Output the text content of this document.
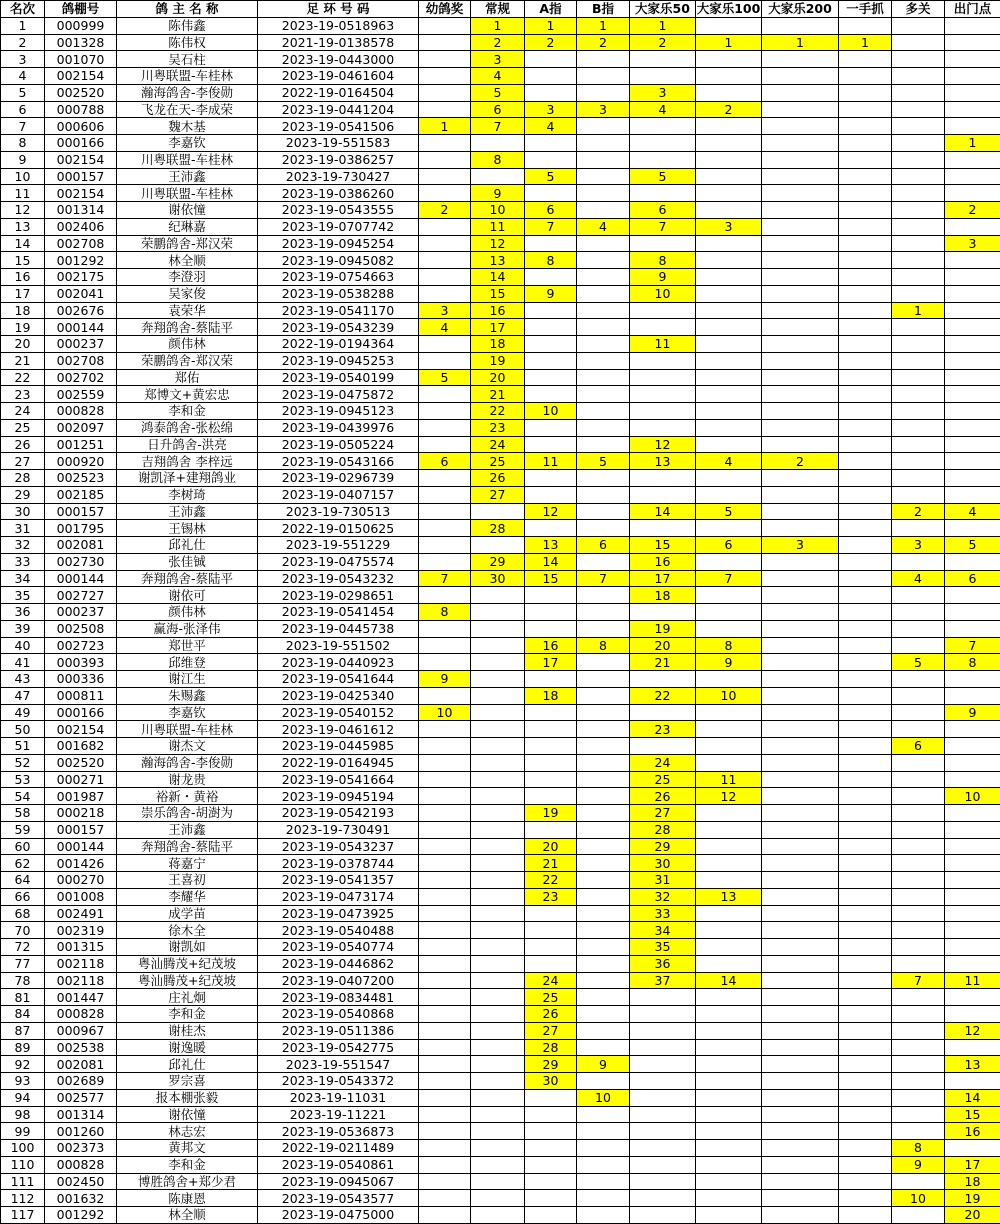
名次	鸽棚号	鸽 主 名 称	足 环 号 码	幼鸽奖	常规	A指	B指	大家乐50	大家乐100	大家乐200	一手抓	多关	出门点
1	000999	陈伟鑫	2023-19-0518963		1	1	1	1					
2	001328	陈伟权	2021-19-0138578		2	2	2	2	1	1	1		
3	001070	吴石柱	2023-19-0443000		3								
4	002154	川粤联盟-车桂林	2023-19-0461604		4								
5	002520	瀚海鸽舍-李俊勋	2022-19-0164504		5			3					
6	000788	飞龙在天-李成荣	2023-19-0441204		6	3	3	4	2				
7	000606	魏木基	2023-19-0541506	1	7	4							
8	000166	李嘉钦	2023-19-551583										1
9	002154	川粤联盟-车桂林	2023-19-0386257		8								
10	000157	王沛鑫	2023-19-730427			5		5					
11	002154	川粤联盟-车桂林	2023-19-0386260		9								
12	001314	谢依憧	2023-19-0543555	2	10	6		6					2
13	002406	纪琳嘉	2023-19-0707742		11	7	4	7	3				
14	002708	荣鹏鸽舍-郑汉荣	2023-19-0945254		12								3
15	001292	林全顺	2023-19-0945082		13	8		8					
16	002175	李澄羽	2023-19-0754663		14			9					
17	002041	吴家俊	2023-19-0538288		15	9		10					
18	002676	袁荣华	2023-19-0541170	3	16							1	
19	000144	奔翔鸽舍-蔡陆平	2023-19-0543239	4	17								
20	000237	颜伟林	2022-19-0194364		18			11					
21	002708	荣鹏鸽舍-郑汉荣	2023-19-0945253		19								
22	002702	郑佑	2023-19-0540199	5	20								
23	002559	郑博文+黄宏忠	2023-19-0475872		21								
24	000828	李和金	2023-19-0945123		22	10							
25	002097	鸿泰鸽舍-张松绵	2023-19-0439976		23								
26	001251	日升鸽舍-洪亮	2023-19-0505224		24			12					
27	000920	吉翔鸽舍 李梓远	2023-19-0543166	6	25	11	5	13	4	2			
28	002523	谢凯泽+建翔鸽业	2023-19-0296739		26								
29	002185	李树琦	2023-19-0407157		27								
30	000157	王沛鑫	2023-19-730513			12		14	5			2	4
31	001795	王锡林	2022-19-0150625		28								
32	002081	邱礼仕	2023-19-551229			13	6	15	6	3		3	5
33	002730	张佳铖	2023-19-0475574		29	14		16					
34	000144	奔翔鸽舍-蔡陆平	2023-19-0543232	7	30	15	7	17	7			4	6
35	002727	谢依可	2023-19-0298651					18					
36	000237	颜伟林	2023-19-0541454	8									
39	002508	赢海-张泽伟	2023-19-0445738					19					
40	002723	郑世平	2023-19-551502			16	8	20	8				7
41	000393	邱维登	2023-19-0440923			17		21	9			5	8
43	000336	谢江生	2023-19-0541644	9									
47	000811	朱赐鑫	2023-19-0425340			18		22	10				
49	000166	李嘉钦	2023-19-0540152	10									9
50	002154	川粤联盟-车桂林	2023-19-0461612					23					
51	001682	谢杰文	2023-19-0445985									6	
52	002520	瀚海鸽舍-李俊勋	2022-19-0164945					24					
53	000271	谢龙贵	2023-19-0541664					25	11				
54	001987	裕新・黄裕	2023-19-0945194					26	12				10
58	000218	崇乐鸽舍-胡澍为	2023-19-0542193			19		27					
59	000157	王沛鑫	2023-19-730491					28					
60	000144	奔翔鸽舍-蔡陆平	2023-19-0543237			20		29					
62	001426	蒋嘉宁	2023-19-0378744			21		30					
64	000270	王喜初	2023-19-0541357			22		31					
66	001008	李耀华	2023-19-0473174			23		32	13				
68	002491	成学苗	2023-19-0473925					33					
70	002319	徐木全	2023-19-0540488					34					
72	001315	谢凯如	2023-19-0540774					35					
77	002118	粤汕腾茂+纪茂坡	2023-19-0446862					36					
78	002118	粤汕腾茂+纪茂坡	2023-19-0407200			24		37	14			7	11
81	001447	庄礼炯	2023-19-0834481			25							
84	000828	李和金	2023-19-0540868			26							
87	000967	谢桂杰	2023-19-0511386			27							12
89	002538	谢逸暖	2023-19-0542775			28							
92	002081	邱礼仕	2023-19-551547			29	9						13
93	002689	罗宗喜	2023-19-0543372			30							
94	002577	报本棚张毅	2023-19-11031				10						14
98	001314	谢依憧	2023-19-11221										15
99	001260	林志宏	2023-19-0536873										16
100	002373	黄邦文	2022-19-0211489									8	
110	000828	李和金	2023-19-0540861									9	17
111	002450	博胜鸽舍+郑少君	2023-19-0945067										18
112	001632	陈康恩	2023-19-0543577									10	19
117	001292	林全顺	2023-19-0475000										20
